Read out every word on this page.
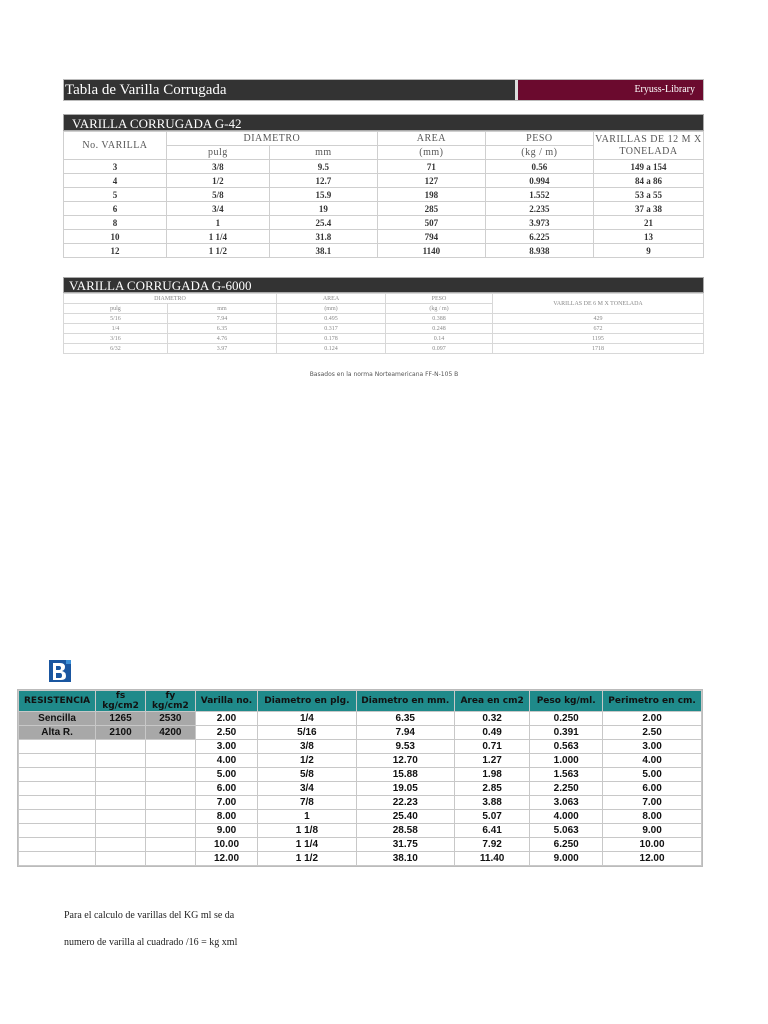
Tabla de Varilla Corrugada	Eryuss-Library
VARILLA CORRUGADA G-42
No. VARILLA	DIAMETRO		AREA	PESO	VARILLAS DE 12 M X TONELADA
	pulg	mm	(mm)	(kg / m)	
3	3/8	9.5	71	0.56	149 a 154
4	1/2	12.7	127	0.994	84 a 86
5	5/8	15.9	198	1.552	53 a 55
6	3/4	19	285	2.235	37 a 38
8	1	25.4	507	3.973	21
10	1 1/4	31.8	794	6.225	13
12	1 1/2	38.1	1140	8.938	9
VARILLA CORRUGADA G-6000
DIAMETRO		AREA	PESO	VARILLAS DE 6 M X TONELADA
pulg	mm	(mm)	(kg / m)	
5/16	7.94	0.495	0.388	429
1/4	6.35	0.317	0.248	672
3/16	4.76	0.178	0.14	1195
6/32	3.97	0.124	0.097	1718
Basados en la norma Norteamericana FF-N-105 B
RESISTENCIA	fs kg/cm2	fy kg/cm2	Varilla no.	Diametro en plg.	Diametro en mm.	Area en cm2	Peso kg/ml.	Perimetro en cm.
Sencilla	1265	2530	2.00	1/4	6.35	0.32	0.250	2.00
Alta R.	2100	4200	2.50	5/16	7.94	0.49	0.391	2.50
			3.00	3/8	9.53	0.71	0.563	3.00
			4.00	1/2	12.70	1.27	1.000	4.00
			5.00	5/8	15.88	1.98	1.563	5.00
			6.00	3/4	19.05	2.85	2.250	6.00
			7.00	7/8	22.23	3.88	3.063	7.00
			8.00	1	25.40	5.07	4.000	8.00
			9.00	1 1/8	28.58	6.41	5.063	9.00
			10.00	1 1/4	31.75	7.92	6.250	10.00
			12.00	1 1/2	38.10	11.40	9.000	12.00
Para el calculo de varillas del KG ml se da
numero de varilla al cuadrado /16 = kg xml
